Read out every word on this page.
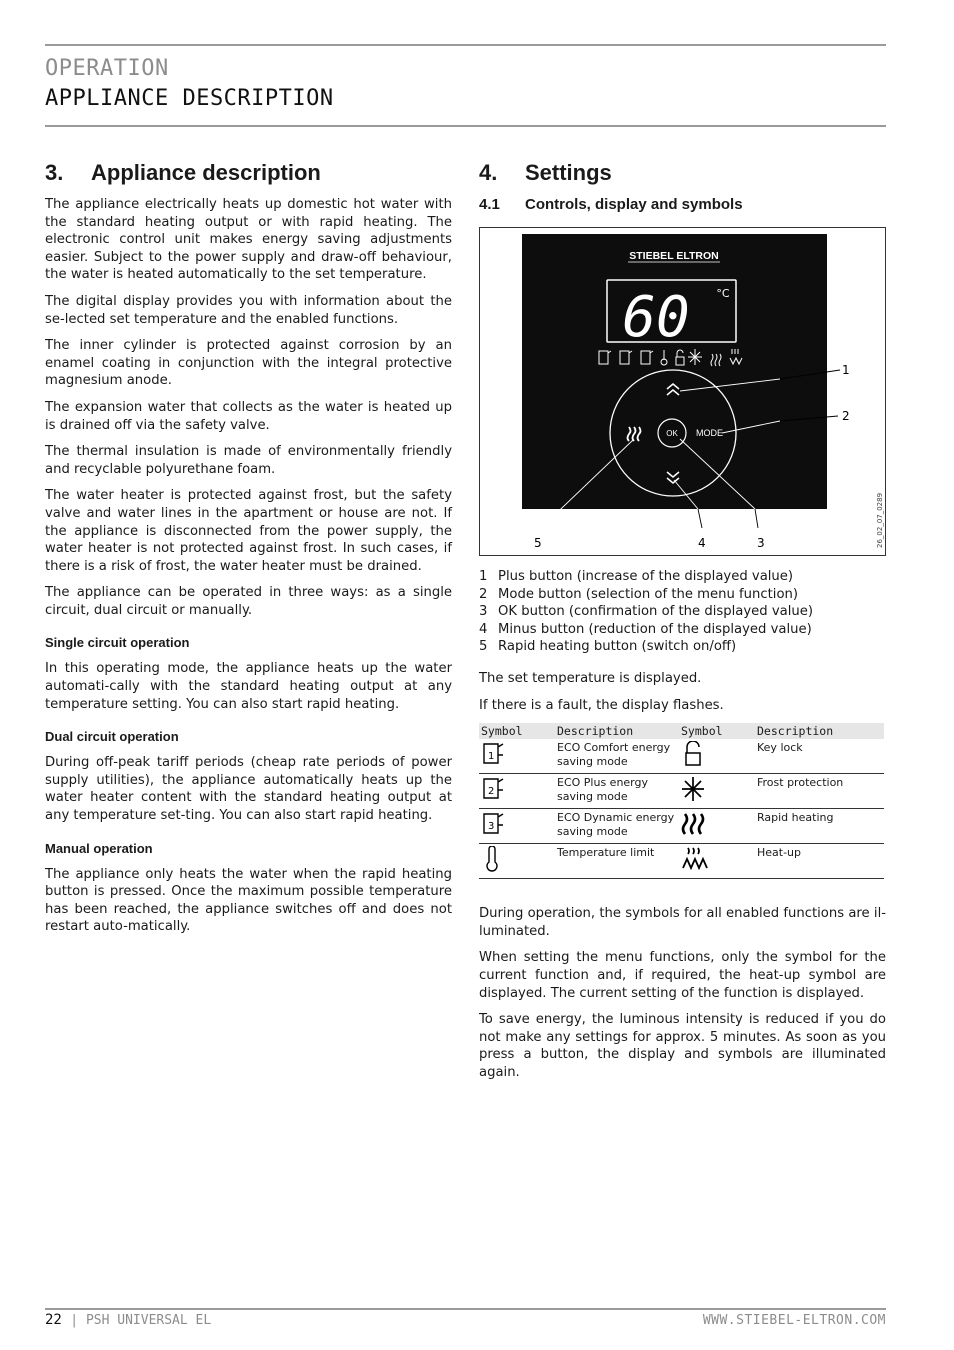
OPERATION
APPLIANCE DESCRIPTION
3.	Appliance description

The appliance electrically heats up domestic hot water with the standard heating output or with rapid heating. The electronic control unit makes energy saving adjustments easier. Subject to the power supply and draw-off behaviour, the water is heated automatically to the set temperature.

The digital display provides you with information about the se-lected set temperature and the enabled functions.

The inner cylinder is protected against corrosion by an enamel coating in conjunction with the integral protective magnesium anode.

The expansion water that collects as the water is heated up is drained off via the safety valve.

The thermal insulation is made of environmentally friendly and recyclable polyurethane foam.

The water heater is protected against frost, but the safety valve and water lines in the apartment or house are not. If the appliance is disconnected from the power supply, the water heater is not protected against frost. In such cases, if there is a risk of frost, the water heater must be drained.

The appliance can be operated in three ways: as a single circuit, dual circuit or manually.

Single circuit operation

In this operating mode, the appliance heats up the water automati-cally with the standard heating output at any temperature setting. You can also start rapid heating.

Dual circuit operation

During off-peak tariff periods (cheap rate periods of power supply utilities), the appliance automatically heats up the water heater content with the standard heating output at any temperature set-ting. You can also start rapid heating.

Manual operation

The appliance only heats the water when the rapid heating button is pressed. Once the maximum possible temperature has been reached, the appliance switches off and does not restart auto-matically.

4.	Settings
4.1	Controls, display and symbols
STIEBEL ELTRON
60 °C
OK MODE
1
2
3
4
5	26_02_07_0289
1 Plus button (increase of the displayed value)
2 Mode button (selection of the menu function)
3 OK button (confirmation of the displayed value)
4 Minus button (reduction of the displayed value)
5 Rapid heating button (switch on/off)

The set temperature is displayed.

If there is a fault, the display flashes.

Symbol	Description	Symbol	Description

1	ECO Comfort energy saving mode		Key lock

2	ECO Plus energy saving mode		Frost protection

3	ECO Dynamic energy saving mode		Rapid heating
	Temperature limit		Heat-up

During operation, the symbols for all enabled functions are il-luminated.

When setting the menu functions, only the symbol for the current function and, if required, the heat-up symbol are displayed. The current setting of the function is displayed.

To save energy, the luminous intensity is reduced if you do not make any settings for approx. 5 minutes. As soon as you press a button, the display and symbols are illuminated again.

22 | PSH UNIVERSAL EL	WWW.STIEBEL-ELTRON.COM
